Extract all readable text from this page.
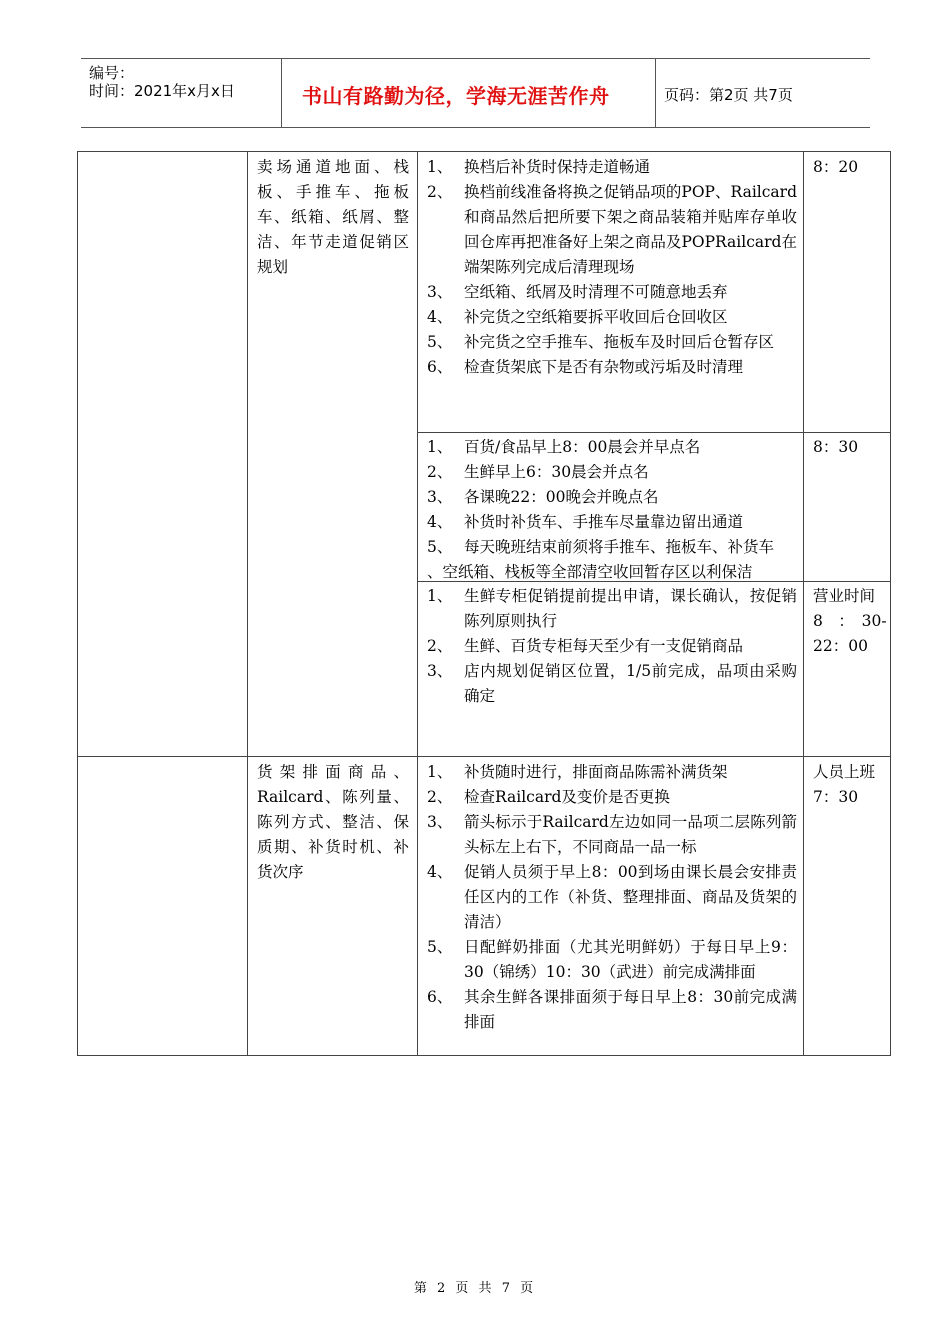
编号：
时间：2021年x月x日	书山有路勤为径，学海无涯苦作舟	页码：第2页 共7页
卖场通道地面、栈板、手推车、拖板车、纸箱、纸屑、整洁、年节走道促销区规划
1、 换档后补货时保持走道畅通
2、 换档前线准备将换之促销品项的POP、Railcard和商品然后把所要下架之商品装箱并贴库存单收回仓库再把准备好上架之商品及POPRailcard在端架陈列完成后清理现场
3、 空纸箱、纸屑及时清理不可随意地丢弃
4、 补完货之空纸箱要拆平收回后仓回收区
5、 补完货之空手推车、拖板车及时回后仓暂存区
6、 检查货架底下是否有杂物或污垢及时清理
8：20
1、 百货/食品早上8：00晨会并早点名
2、 生鲜早上6：30晨会并点名
3、 各课晚22：00晚会并晚点名
4、 补货时补货车、手推车尽量靠边留出通道
5、 每天晚班结束前须将手推车、拖板车、补货车
、空纸箱、栈板等全部清空收回暂存区以利保洁
8：30
1、 生鲜专柜促销提前提出申请，课长确认，按促销陈列原则执行
2、 生鲜、百货专柜每天至少有一支促销商品
3、 店内规划促销区位置，1/5前完成，品项由采购确定
营业时间
8　：　30-
22：00
货架排面商品、Railcard、陈列量、陈列方式、整洁、保质期、补货时机、补货次序
1、 补货随时进行，排面商品陈需补满货架
2、 检查Railcard及变价是否更换
3、 箭头标示于Railcard左边如同一品项二层陈列箭头标左上右下，不同商品一品一标
4、 促销人员须于早上8：00到场由课长晨会安排责任区内的工作（补货、整理排面、商品及货架的清洁）
5、 日配鲜奶排面（尤其光明鲜奶）于每日早上9：30（锦绣）10：30（武进）前完成满排面
6、 其余生鲜各课排面须于每日早上8：30前完成满排面
人员上班
7：30
第 2 页 共 7 页
